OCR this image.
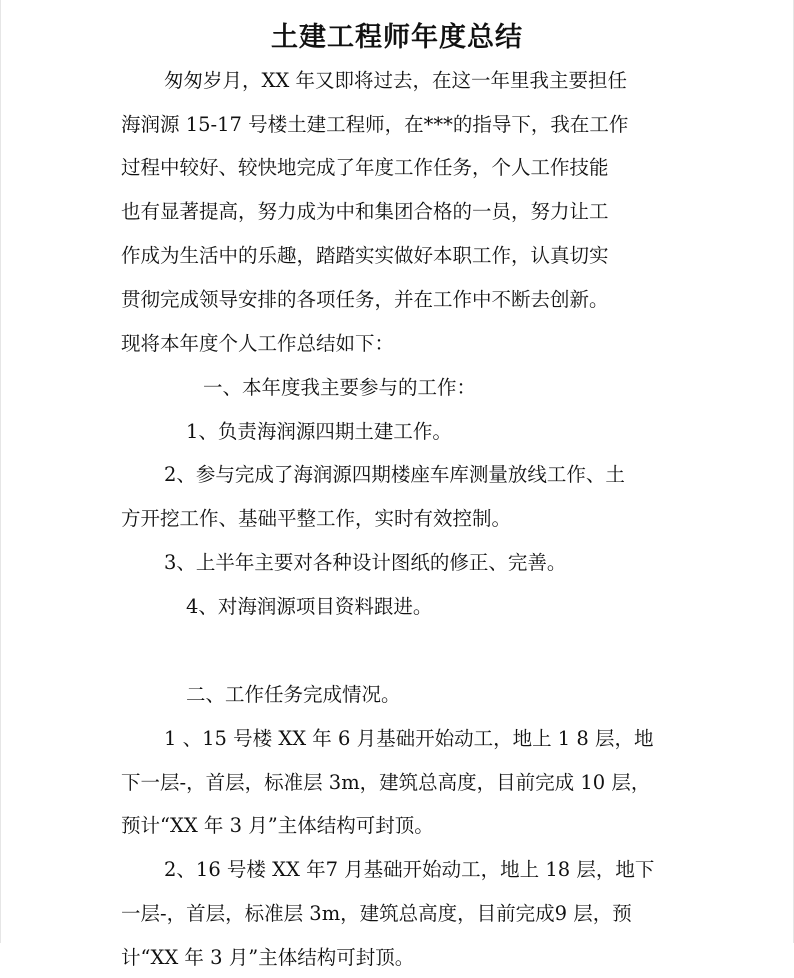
土建工程师年度总结
匆匆岁月，XX 年又即将过去，在这一年里我主要担任
海润源 15-17 号楼土建工程师，在***的指导下，我在工作
过程中较好、较快地完成了年度工作任务，个人工作技能
也有显著提高，努力成为中和集团合格的一员，努力让工
作成为生活中的乐趣，踏踏实实做好本职工作，认真切实
贯彻完成领导安排的各项任务，并在工作中不断去创新。
现将本年度个人工作总结如下：
一、本年度我主要参与的工作：
1、负责海润源四期土建工作。
2、参与完成了海润源四期楼座车库测量放线工作、土
方开挖工作、基础平整工作，实时有效控制。
3、上半年主要对各种设计图纸的修正、完善。
4、对海润源项目资料跟进。
二、工作任务完成情况。
1 、15 号楼 XX 年 6 月基础开始动工，地上 1 8 层，地
下一层-，首层，标准层 3m，建筑总高度，目前完成 10 层，
预计“XX 年 3 月”主体结构可封顶。
2、16 号楼 XX 年7 月基础开始动工，地上 18 层，地下
一层-，首层，标准层 3m，建筑总高度，目前完成9 层，预
计“XX 年 3 月”主体结构可封顶。
